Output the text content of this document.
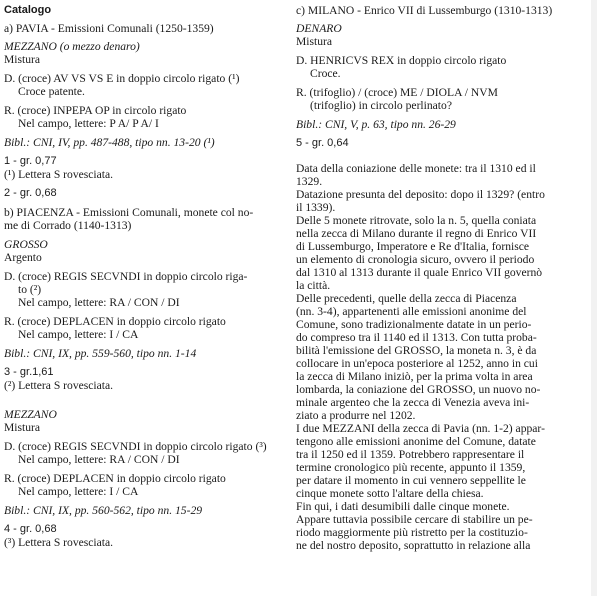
Catalogo
a) PAVIA - Emissioni Comunali (1250-1359)
MEZZANO (o mezzo denaro)
Mistura
D. (croce) AV VS VS E in doppio circolo rigato (¹)
Croce patente.
R. (croce) INPEPA OP in circolo rigato
Nel campo, lettere: P A/ P A/ I
Bibl.: CNI, IV, pp. 487-488, tipo nn. 13-20 (¹)
1 - gr. 0,77
(¹) Lettera S rovesciata.
2 - gr. 0,68
b) PIACENZA - Emissioni Comunali, monete col no-
me di Corrado (1140-1313)
GROSSO
Argento
D. (croce) REGIS SECVNDI in doppio circolo riga-
to (²)
Nel campo, lettere: RA / CON / DI
R. (croce) DEPLACEN in doppio circolo rigato
Nel campo, lettere: I / CA
Bibl.: CNI, IX, pp. 559-560, tipo nn. 1-14
3 - gr.1,61
(²) Lettera S rovesciata.
MEZZANO
Mistura
D. (croce) REGIS SECVNDI in doppio circolo rigato (³)
Nel campo, lettere: RA / CON / DI
R. (croce) DEPLACEN in doppio circolo rigato
Nel campo, lettere: I / CA
Bibl.: CNI, IX, pp. 560-562, tipo nn. 15-29
4 - gr. 0,68
(³) Lettera S rovesciata.
c) MILANO - Enrico VII di Lussemburgo (1310-1313)
DENARO
Mistura
D. HENRICVS REX in doppio circolo rigato
Croce.
R. (trifoglio) / (croce) ME / DIOLA / NVM
(trifoglio) in circolo perlinato?
Bibl.: CNI, V, p. 63, tipo nn. 26-29
5 - gr. 0,64
Data della coniazione delle monete: tra il 1310 ed il
1329.
Datazione presunta del deposito: dopo il 1329? (entro
il 1339).
Delle 5 monete ritrovate, solo la n. 5, quella coniata
nella zecca di Milano durante il regno di Enrico VII
di Lussemburgo, Imperatore e Re d'Italia, fornisce
un elemento di cronologia sicuro, ovvero il periodo
dal 1310 al 1313 durante il quale Enrico VII governò
la città.
Delle precedenti, quelle della zecca di Piacenza
(nn. 3-4), appartenenti alle emissioni anonime del
Comune, sono tradizionalmente datate in un perio-
do compreso tra il 1140 ed il 1313. Con tutta proba-
bilità l'emissione del GROSSO, la moneta n. 3, è da
collocare in un'epoca posteriore al 1252, anno in cui
la zecca di Milano iniziò, per la prima volta in area
lombarda, la coniazione del GROSSO, un nuovo no-
minale argenteo che la zecca di Venezia aveva ini-
ziato a produrre nel 1202.
I due MEZZANI della zecca di Pavia (nn. 1-2) appar-
tengono alle emissioni anonime del Comune, datate
tra il 1250 ed il 1359. Potrebbero rappresentare il
termine cronologico più recente, appunto il 1359,
per datare il momento in cui vennero seppellite le
cinque monete sotto l'altare della chiesa.
Fin qui, i dati desumibili dalle cinque monete.
Appare tuttavia possibile cercare di stabilire un pe-
riodo maggiormente più ristretto per la costituzio-
ne del nostro deposito, soprattutto in relazione alla
